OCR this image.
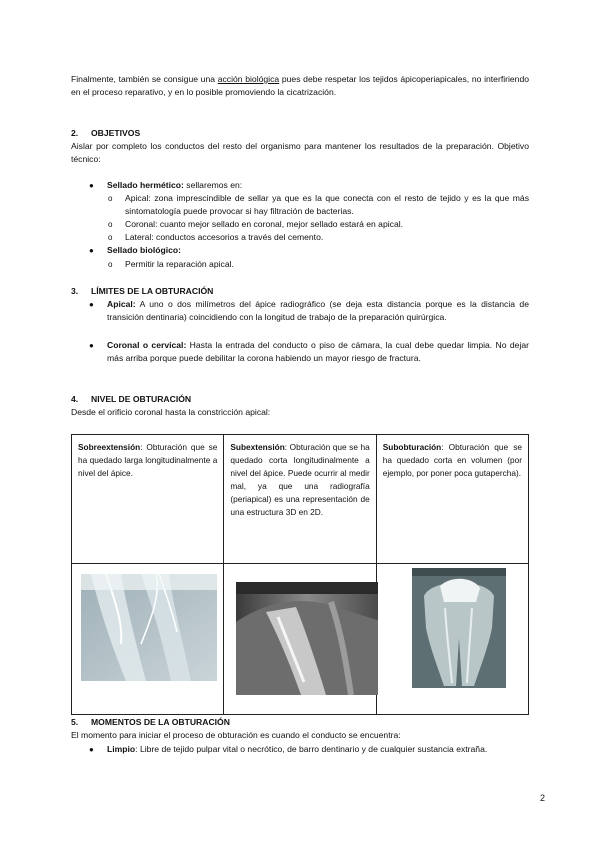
Finalmente, también se consigue una acción biológica pues debe respetar los tejidos ápicoperiapicales, no interfiriendo en el proceso reparativo, y en lo posible promoviendo la cicatrización.

2. OBJETIVOS

Aislar por completo los conductos del resto del organismo para mantener los resultados de la preparación. Objetivo técnico:

● Sellado hermético: sellaremos en:

o Apical: zona imprescindible de sellar ya que es la que conecta con el resto de tejido y es la que más sintomatología puede provocar si hay filtración de bacterias.

o Coronal: cuanto mejor sellado en coronal, mejor sellado estará en apical.

o Lateral: conductos accesorios a través del cemento.

● Sellado biológico:

o Permitir la reparación apical.

3. LÍMITES DE LA OBTURACIÓN
● Apical: A uno o dos milímetros del ápice radiográfico (se deja esta distancia porque es la distancia de transición dentinaria) coincidiendo con la longitud de trabajo de la preparación quirúrgica.

● Coronal o cervical: Hasta la entrada del conducto o piso de cámara, la cual debe quedar limpia. No dejar más arriba porque puede debilitar la corona habiendo un mayor riesgo de fractura.

4. NIVEL DE OBTURACIÓN

Desde el orificio coronal hasta la constricción apical:

Sobreextensión: Obturación que se ha quedado larga longitudinalmente a nivel del ápice.	Subextensión: Obturación que se ha quedado corta longitudinalmente a nivel del ápice. Puede ocurrir al medir mal, ya que una radiografía (periapical) es una representación de una estructura 3D en 2D.	Subobturación: Obturación que se ha quedado corta en volumen (por ejemplo, por poner poca gutapercha).

5. MOMENTOS DE LA OBTURACIÓN

El momento para iniciar el proceso de obturación es cuando el conducto se encuentra:

● Limpio: Libre de tejido pulpar vital o necrótico, de barro dentinario y de cualquier sustancia extraña.

2
